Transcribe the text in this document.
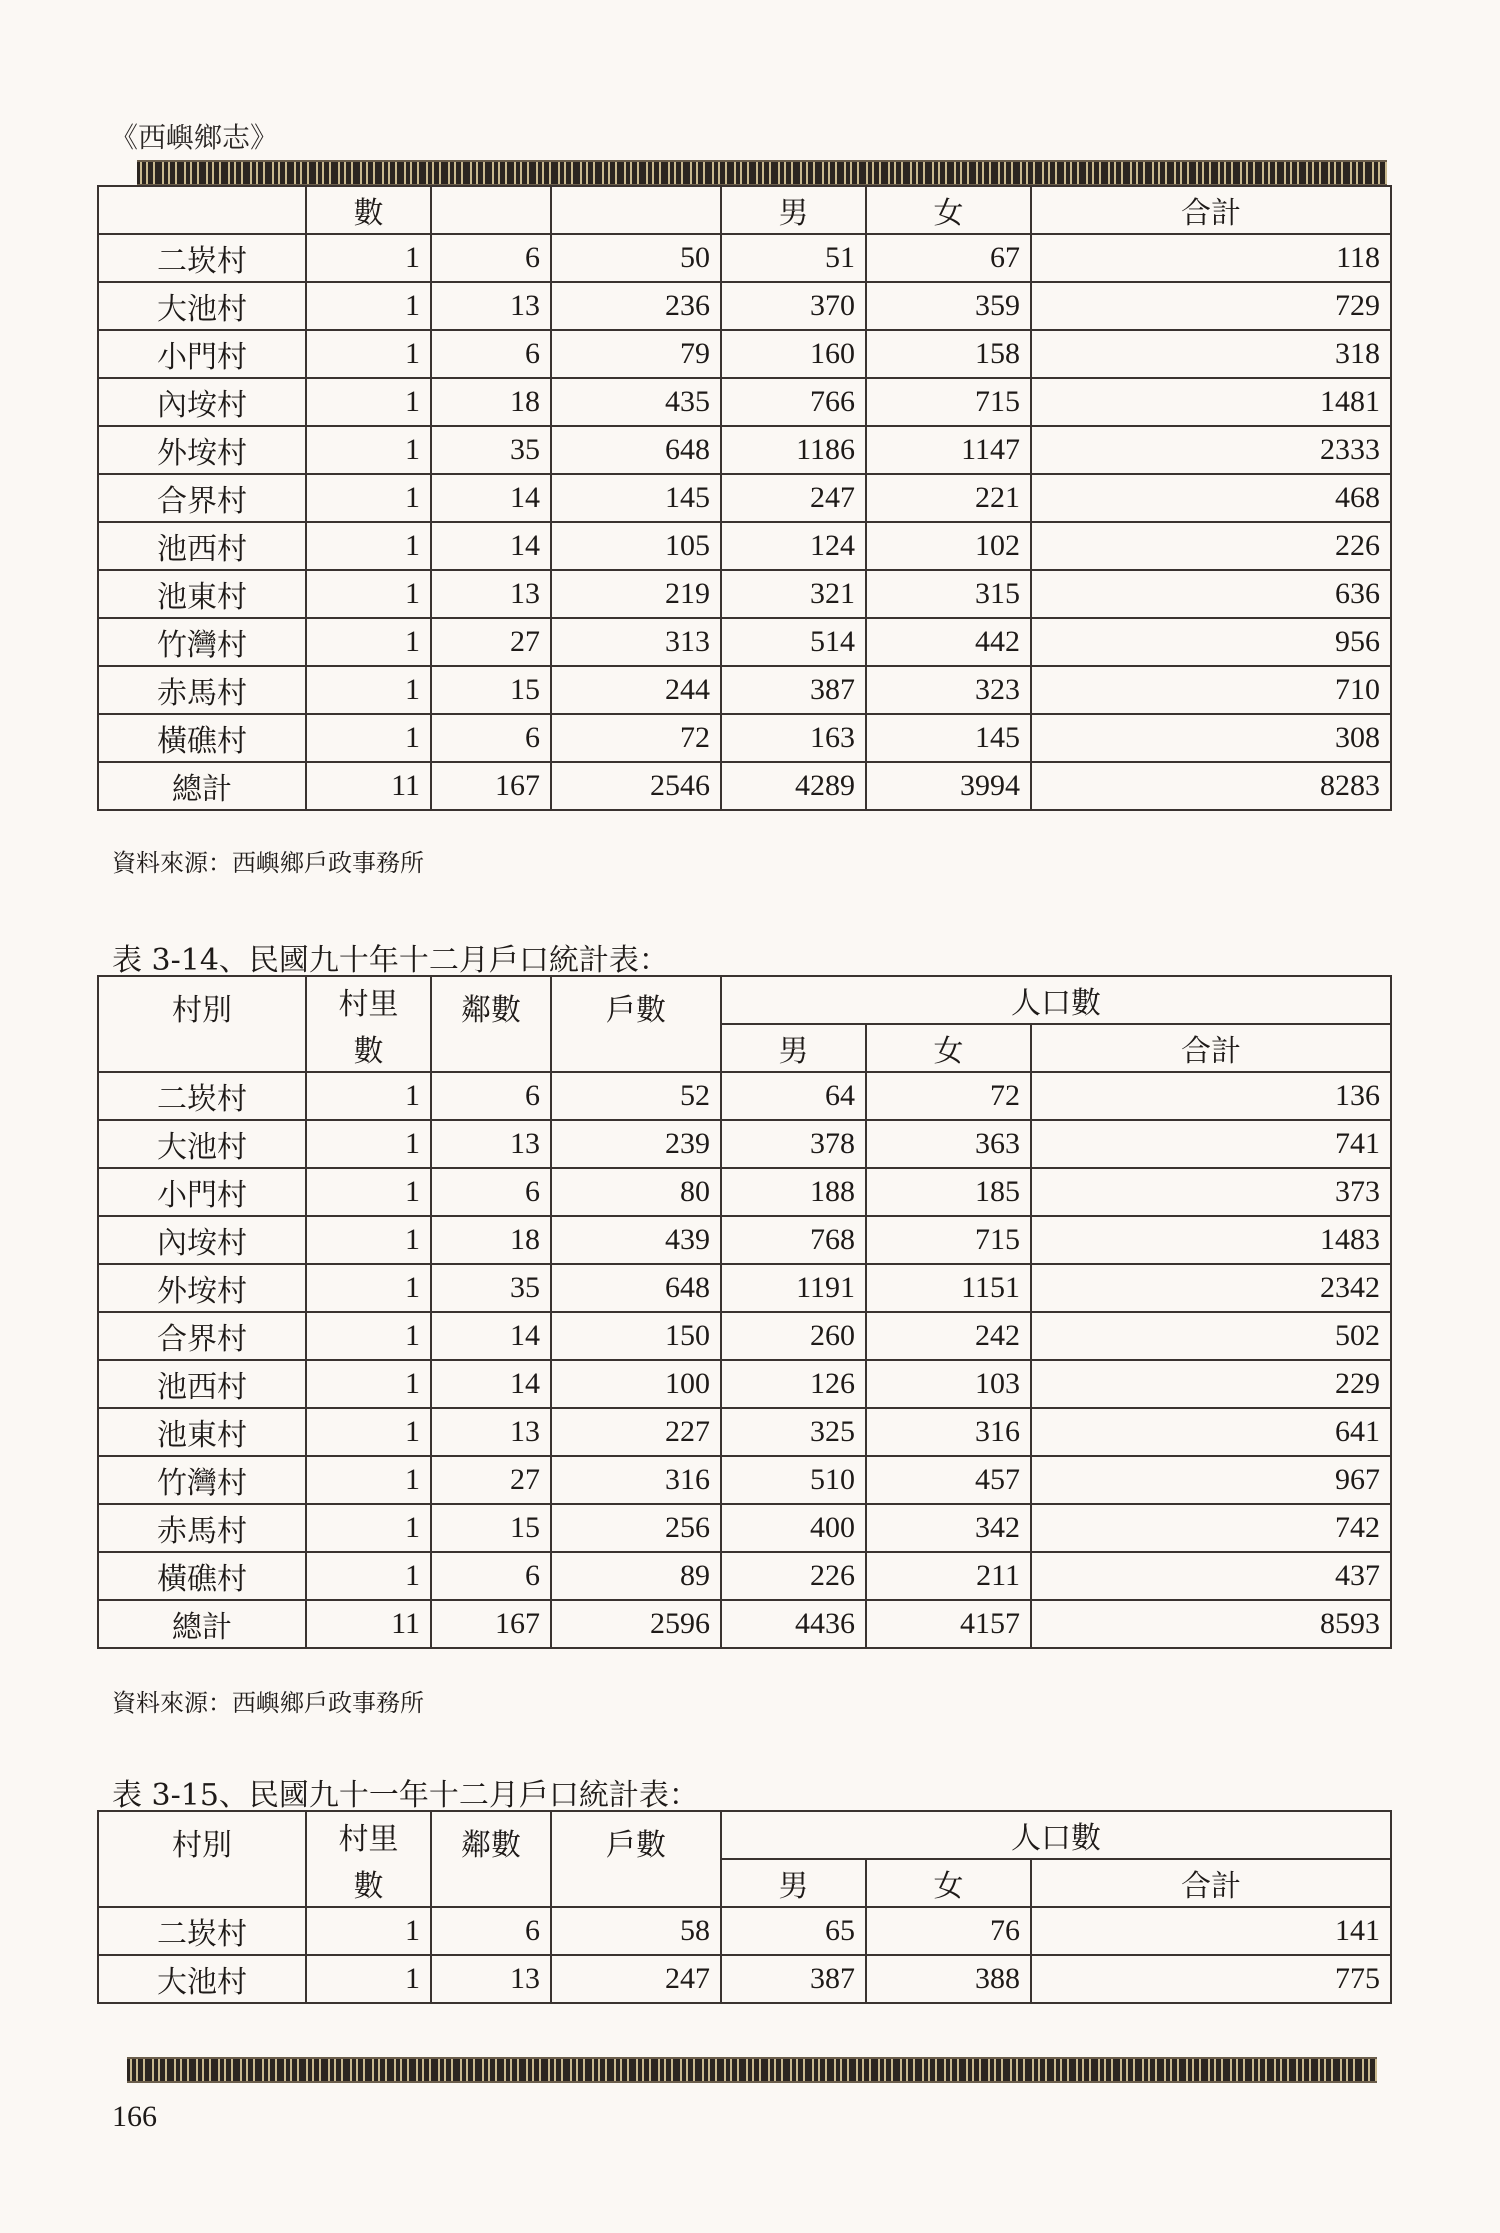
《西嶼鄉志》
	數			男	女	合計
二崁村	1	6	50	51	67	118
大池村	1	13	236	370	359	729
小門村	1	6	79	160	158	318
內垵村	1	18	435	766	715	1481
外垵村	1	35	648	1186	1147	2333
合界村	1	14	145	247	221	468
池西村	1	14	105	124	102	226
池東村	1	13	219	321	315	636
竹灣村	1	27	313	514	442	956
赤馬村	1	15	244	387	323	710
橫礁村	1	6	72	163	145	308
總計	11	167	2546	4289	3994	8283
資料來源：西嶼鄉戶政事務所
表 3-14、民國九十年十二月戶口統計表：
村別	村里	鄰數	戶數	人口數		
	數			男	女	合計
二崁村	1	6	52	64	72	136
大池村	1	13	239	378	363	741
小門村	1	6	80	188	185	373
內垵村	1	18	439	768	715	1483
外垵村	1	35	648	1191	1151	2342
合界村	1	14	150	260	242	502
池西村	1	14	100	126	103	229
池東村	1	13	227	325	316	641
竹灣村	1	27	316	510	457	967
赤馬村	1	15	256	400	342	742
橫礁村	1	6	89	226	211	437
總計	11	167	2596	4436	4157	8593
資料來源：西嶼鄉戶政事務所
表 3-15、民國九十一年十二月戶口統計表：
村別	村里	鄰數	戶數	人口數		
	數			男	女	合計
二崁村	1	6	58	65	76	141
大池村	1	13	247	387	388	775
166
